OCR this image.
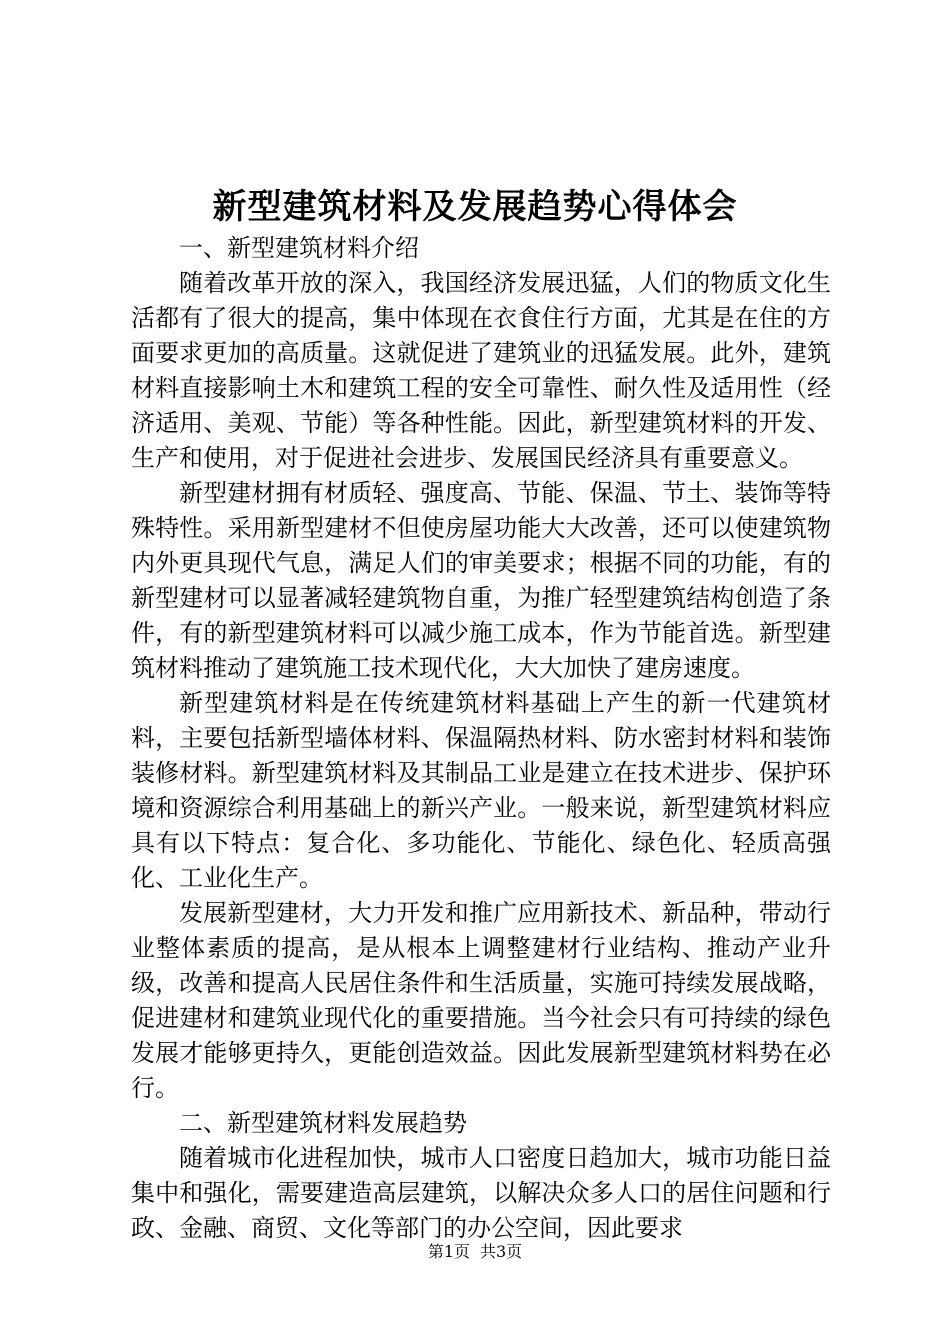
新型建筑材料及发展趋势心得体会

一、新型建筑材料介绍

随着改革开放的深入，我国经济发展迅猛，人们的物质文化生活都有了很大的提高，集中体现在衣食住行方面，尤其是在住的方面要求更加的高质量。这就促进了建筑业的迅猛发展。此外，建筑材料直接影响土木和建筑工程的安全可靠性、耐久性及适用性（经济适用、美观、节能）等各种性能。因此，新型建筑材料的开发、生产和使用，对于促进社会进步、发展国民经济具有重要意义。

新型建材拥有材质轻、强度高、节能、保温、节土、装饰等特殊特性。采用新型建材不但使房屋功能大大改善，还可以使建筑物内外更具现代气息，满足人们的审美要求；根据不同的功能，有的新型建材可以显著减轻建筑物自重，为推广轻型建筑结构创造了条件，有的新型建筑材料可以减少施工成本，作为节能首选。新型建筑材料推动了建筑施工技术现代化，大大加快了建房速度。

新型建筑材料是在传统建筑材料基础上产生的新一代建筑材料，主要包括新型墙体材料、保温隔热材料、防水密封材料和装饰装修材料。新型建筑材料及其制品工业是建立在技术进步、保护环境和资源综合利用基础上的新兴产业。一般来说，新型建筑材料应具有以下特点：复合化、多功能化、节能化、绿色化、轻质高强化、工业化生产。

发展新型建材，大力开发和推广应用新技术、新品种，带动行业整体素质的提高，是从根本上调整建材行业结构、推动产业升级，改善和提高人民居住条件和生活质量，实施可持续发展战略，促进建材和建筑业现代化的重要措施。当今社会只有可持续的绿色发展才能够更持久，更能创造效益。因此发展新型建筑材料势在必行。

二、新型建筑材料发展趋势

随着城市化进程加快，城市人口密度日趋加大，城市功能日益集中和强化，需要建造高层建筑，以解决众多人口的居住问题和行政、金融、商贸、文化等部门的办公空间，因此要求

第1页 共3页
